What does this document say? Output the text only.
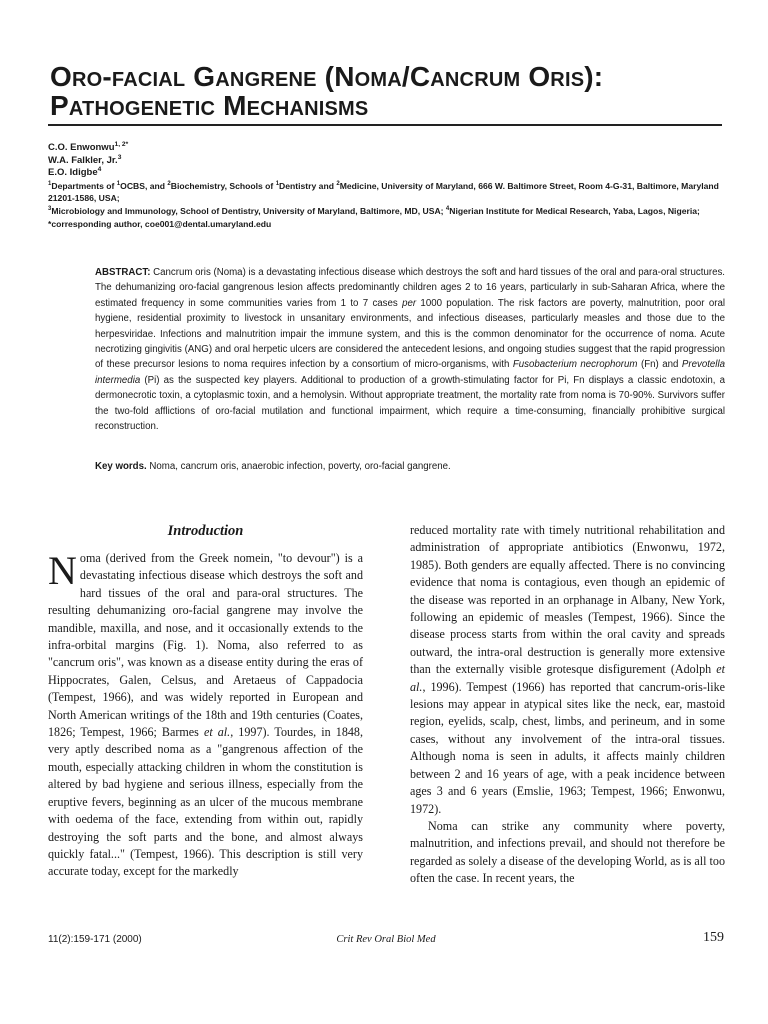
Oro-facial Gangrene (Noma/Cancrum Oris):
Pathogenetic Mechanisms

C.O. Enwonwu$^{1, 2*}$

W.A. Falkler, Jr.$^3$

E.O. Idigbe$^4$

$^1$Departments of $^1$OCBS, and $^2$Biochemistry, Schools of $^1$Dentistry and $^2$Medicine, University of Maryland, 666 W. Baltimore Street, Room 4-G-31, Baltimore, Maryland 21201-1586, USA;

$^3$Microbiology and Immunology, School of Dentistry, University of Maryland, Baltimore, MD, USA; $^4$Nigerian Institute for Medical Research, Yaba, Lagos, Nigeria;

*corresponding author, coe001@dental.umaryland.edu

ABSTRACT: Cancrum oris (Noma) is a devastating infectious disease which destroys the soft and hard tissues of the oral and para-oral structures. The dehumanizing oro-facial gangrenous lesion affects predominantly children ages 2 to 16 years, particularly in sub-Saharan Africa, where the estimated frequency in some communities varies from 1 to 7 cases per 1000 population. The risk factors are poverty, malnutrition, poor oral hygiene, residential proximity to livestock in unsanitary environments, and infectious diseases, particularly measles and those due to the herpesviridae. Infections and malnutrition impair the immune system, and this is the common denominator for the occurrence of noma. Acute necrotizing gingivitis (ANG) and oral herpetic ulcers are considered the antecedent lesions, and ongoing studies suggest that the rapid progression of these precursor lesions to noma requires infection by a consortium of micro-organisms, with Fusobacterium necrophorum (Fn) and Prevotella intermedia (Pi) as the suspected key players. Additional to production of a growth-stimulating factor for Pi, Fn displays a classic endotoxin, a dermonecrotic toxin, a cytoplasmic toxin, and a hemolysin. Without appropriate treatment, the mortality rate from noma is 70-90%. Survivors suffer the two-fold afflictions of oro-facial mutilation and functional impairment, which require a time-consuming, financially prohibitive surgical reconstruction.

Key words. Noma, cancrum oris, anaerobic infection, poverty, oro-facial gangrene.

Introduction

Noma (derived from the Greek nomein, "to devour") is a devastating infectious disease which destroys the soft and hard tissues of the oral and para-oral structures. The resulting dehumanizing oro-facial gangrene may involve the mandible, maxilla, and nose, and it occasionally extends to the infra-orbital margins (Fig. 1). Noma, also referred to as "cancrum oris", was known as a disease entity during the eras of Hippocrates, Galen, Celsus, and Aretaeus of Cappadocia (Tempest, 1966), and was widely reported in European and North American writings of the 18th and 19th centuries (Coates, 1826; Tempest, 1966; Barmes et al., 1997). Tourdes, in 1848, very aptly described noma as a "gangrenous affection of the mouth, especially attacking children in whom the constitution is altered by bad hygiene and serious illness, especially from the eruptive fevers, beginning as an ulcer of the mucous membrane with oedema of the face, extending from within out, rapidly destroying the soft parts and the bone, and almost always quickly fatal..." (Tempest, 1966). This description is still very accurate today, except for the markedly

reduced mortality rate with timely nutritional rehabilitation and administration of appropriate antibiotics (Enwonwu, 1972, 1985). Both genders are equally affected. There is no convincing evidence that noma is contagious, even though an epidemic of the disease was reported in an orphanage in Albany, New York, following an epidemic of measles (Tempest, 1966). Since the disease process starts from within the oral cavity and spreads outward, the intra-oral destruction is generally more extensive than the externally visible grotesque disfigurement (Adolph et al., 1996). Tempest (1966) has reported that cancrum-oris-like lesions may appear in atypical sites like the neck, ear, mastoid region, eyelids, scalp, chest, limbs, and perineum, and in some cases, without any involvement of the intra-oral tissues. Although noma is seen in adults, it affects mainly children between 2 and 16 years of age, with a peak incidence between ages 3 and 6 years (Emslie, 1963; Tempest, 1966; Enwonwu, 1972).

Noma can strike any community where poverty, malnutrition, and infections prevail, and should not therefore be regarded as solely a disease of the developing World, as is all too often the case. In recent years, the

11(2):159-171 (2000)	Crit Rev Oral Biol Med	159
